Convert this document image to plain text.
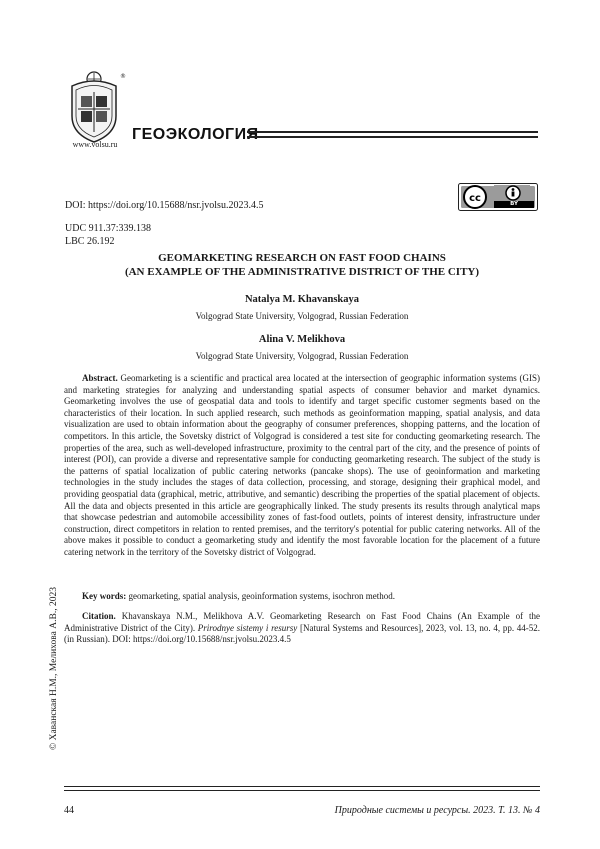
®
www.volsu.ru
ГЕОЭКОЛОГИЯ
DOI: https://doi.org/10.15688/nsr.jvolsu.2023.4.5
cc	BY
UDC 911.37:339.138
LBC 26.192
GEOMARKETING RESEARCH ON FAST FOOD CHAINS
(AN EXAMPLE OF THE ADMINISTRATIVE DISTRICT OF THE CITY)
Natalya M. Khavanskaya
Volgograd State University, Volgograd, Russian Federation
Alina V. Melikhova
Volgograd State University, Volgograd, Russian Federation
Abstract. Geomarketing is a scientific and practical area located at the intersection of geographic information systems (GIS) and marketing strategies for analyzing and understanding spatial aspects of consumer behavior and market dynamics. Geomarketing involves the use of geospatial data and tools to identify and target specific customer segments based on the characteristics of their location. In such applied research, such methods as geoinformation mapping, spatial analysis, and data visualization are used to obtain information about the geography of consumer preferences, shopping patterns, and the location of competitors. In this article, the Sovetsky district of Volgograd is considered a test site for conducting geomarketing research. The properties of the area, such as well-developed infrastructure, proximity to the central part of the city, and the presence of points of interest (POI), can provide a diverse and representative sample for conducting geomarketing research. The subject of the study is the patterns of spatial localization of public catering networks (pancake shops). The use of geoinformation and marketing technologies in the study includes the stages of data collection, processing, and storage, designing their graphical model, and providing geospatial data (graphical, metric, attributive, and semantic) describing the properties of the spatial placement of objects. All the data and objects presented in this article are geographically linked. The study presents its results through analytical maps that showcase pedestrian and automobile accessibility zones of fast-food outlets, points of interest density, infrastructure under construction, direct competitors in relation to rented premises, and the territory's potential for public catering networks. All of the above makes it possible to conduct a geomarketing study and identify the most favorable location for the placement of a future catering network in the territory of the Sovetsky district of Volgograd.
Key words: geomarketing, spatial analysis, geoinformation systems, isochron method.
Citation. Khavanskaya N.M., Melikhova A.V. Geomarketing Research on Fast Food Chains (An Example of the Administrative District of the City). Prirodnye sistemy i resursy [Natural Systems and Resources], 2023, vol. 13, no. 4, pp. 44-52. (in Russian). DOI: https://doi.org/10.15688/nsr.jvolsu.2023.4.5
© Хаванская Н.М., Мелихова А.В., 2023
44	Природные системы и ресурсы. 2023. Т. 13. № 4
